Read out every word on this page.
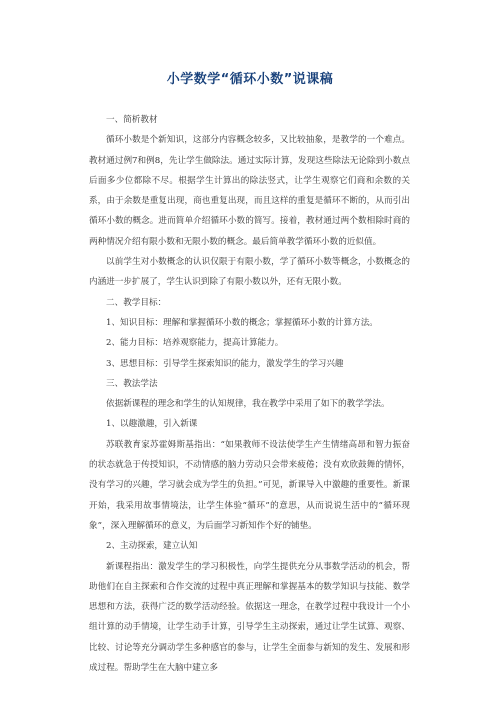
小学数学“循环小数”说课稿

一、简析教材

循环小数是个新知识，这部分内容概念较多，又比较抽象，是教学的一个难点。教材通过例7和例8，先让学生做除法。通过实际计算，发现这些除法无论除到小数点后面多少位都除不尽。根据学生计算出的除法竖式，让学生观察它们商和余数的关系，由于余数是重复出现，商也重复出现，而且这样的重复是循环不断的，从而引出循环小数的概念。进而简单介绍循环小数的简写。接着，教材通过两个数相除时商的两种情况介绍有限小数和无限小数的概念。最后简单教学循环小数的近似值。

以前学生对小数概念的认识仅限于有限小数，学了循环小数等概念，小数概念的内涵进一步扩展了，学生认识到除了有限小数以外，还有无限小数。

二、教学目标：

1、知识目标：理解和掌握循环小数的概念；掌握循环小数的计算方法。

2、能力目标：培养观察能力，提高计算能力。

3、思想目标：引导学生探索知识的能力，激发学生的学习兴趣

三、教法学法

依据新课程的理念和学生的认知规律，我在教学中采用了如下的教学学法。

1、以趣激趣，引入新课

苏联教育家苏霍姆斯基指出：“如果教师不设法使学生产生情绪高昂和智力振奋的状态就急于传授知识，不动情感的脑力劳动只会带来疲倦；没有欢欣鼓舞的情怀，没有学习的兴趣，学习就会成为学生的负担。”可见，新课导入中激趣的重要性。新课开始，我采用故事情境法，让学生体验“循环”的意思，从而说说生活中的“循环现象”，深入理解循环的意义，为后面学习新知作个好的铺垫。

2、主动探索，建立认知

新课程指出：激发学生的学习积极性，向学生提供充分从事数学活动的机会，帮助他们在自主探索和合作交流的过程中真正理解和掌握基本的数学知识与技能、数学思想和方法，获得广泛的数学活动经验。依据这一理念，在教学过程中我设计一个小组计算的动手情境，让学生动手计算，引导学生主动探索，通过让学生试算、观察、比较、讨论等充分调动学生多种感官的参与，让学生全面参与新知的发生、发展和形成过程。帮助学生在大脑中建立多
